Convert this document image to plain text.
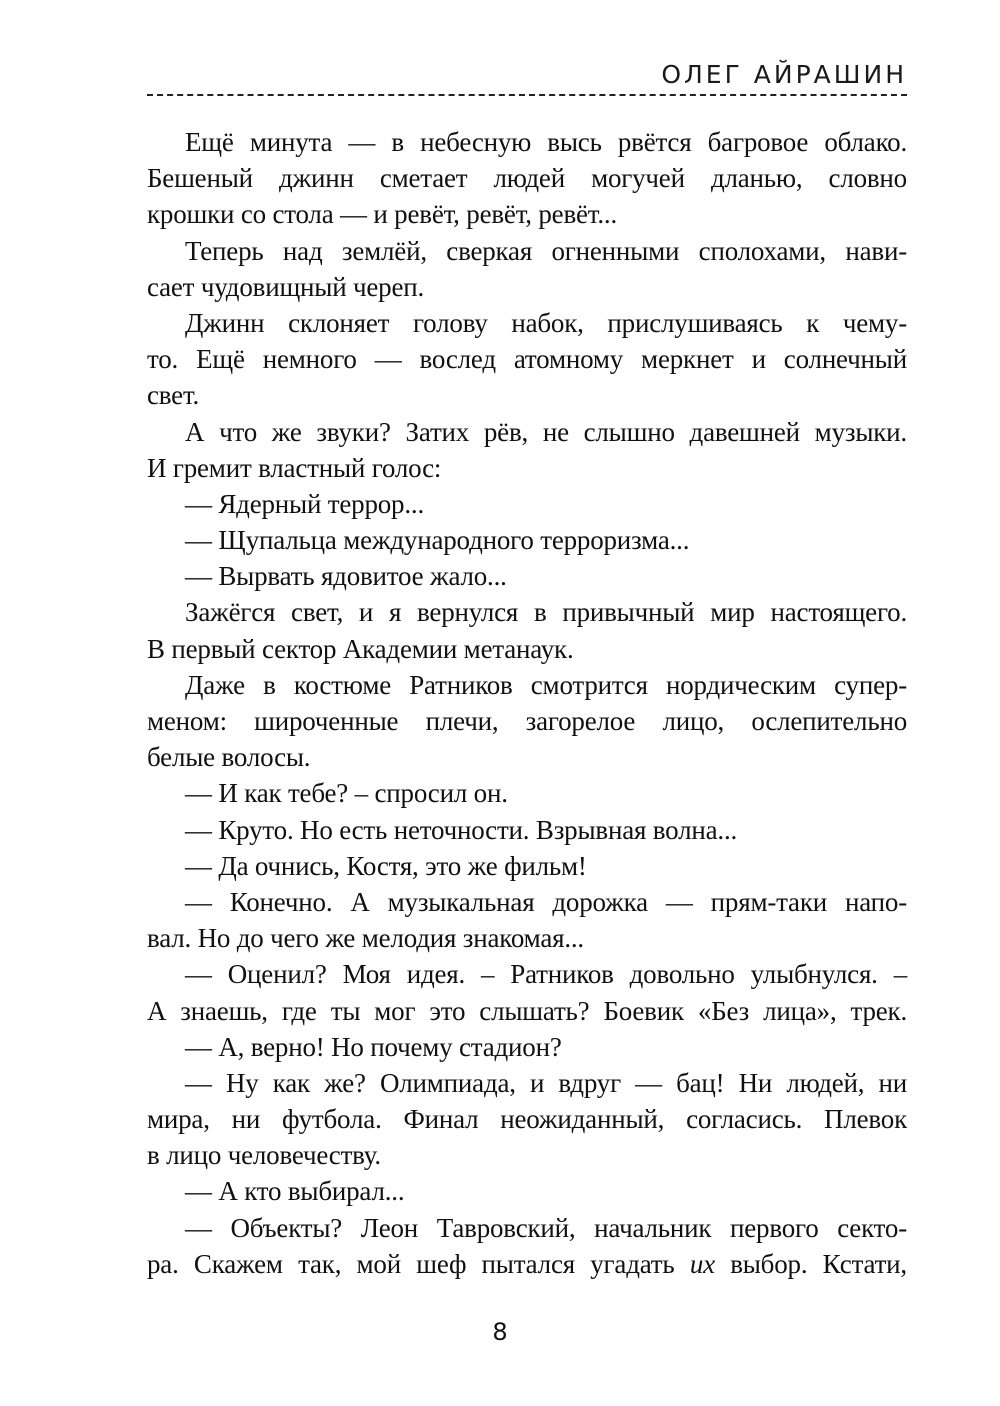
ОЛЕГ АЙРАШИН
Ещё минута — в небесную высь рвётся багровое облако.
Бешеный джинн сметает людей могучей дланью, словно
крошки со стола — и ревёт, ревёт, ревёт...
Теперь над землёй, сверкая огненными сполохами, нави-
сает чудовищный череп.
Джинн склоняет голову набок, прислушиваясь к чему-
то. Ещё немного — вослед атомному меркнет и солнечный
свет.
А что же звуки? Затих рёв, не слышно давешней музыки.
И гремит властный голос:
— Ядерный террор...
— Щупальца международного терроризма...
— Вырвать ядовитое жало...
Зажёгся свет, и я вернулся в привычный мир настоящего.
В первый сектор Академии метанаук.
Даже в костюме Ратников смотрится нордическим супер-
меном: широченные плечи, загорелое лицо, ослепительно
белые волосы.
— И как тебе? – спросил он.
— Круто. Но есть неточности. Взрывная волна...
— Да очнись, Костя, это же фильм!
— Конечно. А музыкальная дорожка — прям-таки напо-
вал. Но до чего же мелодия знакомая...
— Оценил? Моя идея. – Ратников довольно улыбнулся. –
А знаешь, где ты мог это слышать? Боевик «Без лица», трек.
— А, верно! Но почему стадион?
— Ну как же? Олимпиада, и вдруг — бац! Ни людей, ни
мира, ни футбола. Финал неожиданный, согласись. Плевок
в лицо человечеству.
— А кто выбирал...
— Объекты? Леон Тавровский, начальник первого секто-
ра. Скажем так, мой шеф пытался угадать их выбор. Кстати,
8
